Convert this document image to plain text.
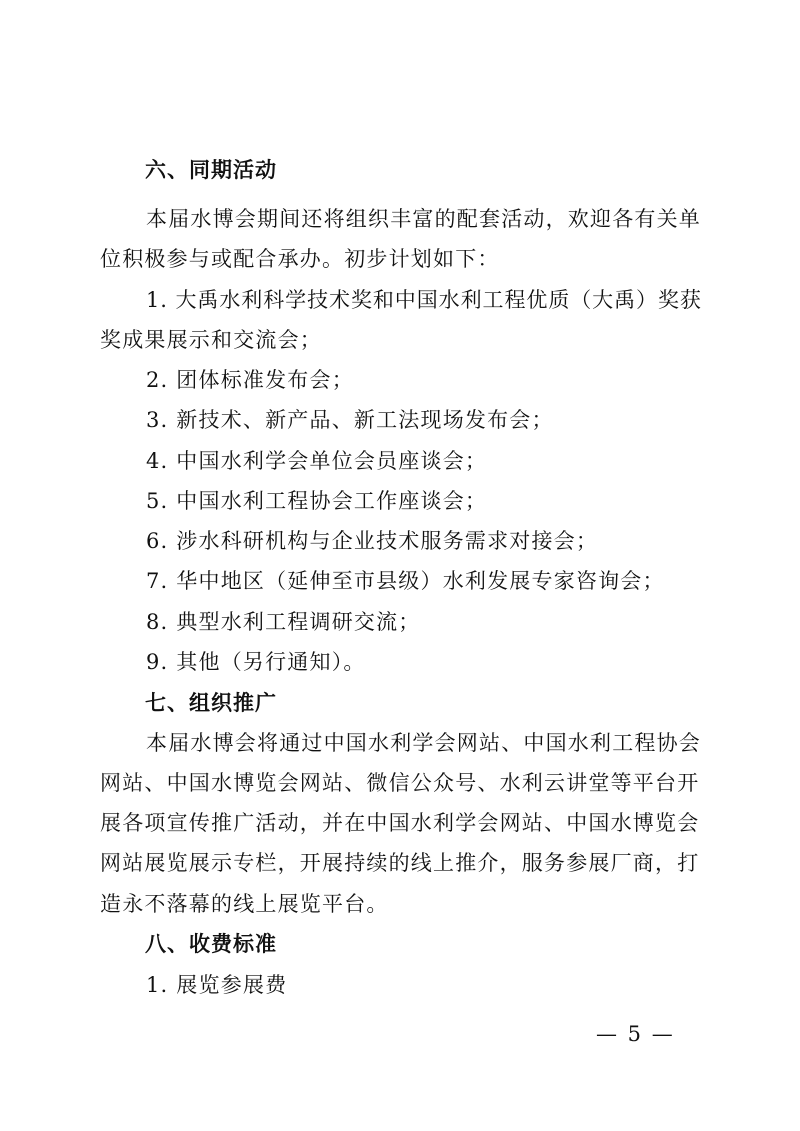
六、同期活动
本届水博会期间还将组织丰富的配套活动，欢迎各有关单
位积极参与或配合承办。初步计划如下：
1. 大禹水利科学技术奖和中国水利工程优质（大禹）奖获
奖成果展示和交流会；
2. 团体标准发布会；
3. 新技术、新产品、新工法现场发布会；
4. 中国水利学会单位会员座谈会；
5. 中国水利工程协会工作座谈会；
6. 涉水科研机构与企业技术服务需求对接会；
7. 华中地区（延伸至市县级）水利发展专家咨询会；
8. 典型水利工程调研交流；
9. 其他（另行通知）。
七、组织推广
本届水博会将通过中国水利学会网站、中国水利工程协会
网站、中国水博览会网站、微信公众号、水利云讲堂等平台开
展各项宣传推广活动，并在中国水利学会网站、中国水博览会
网站展览展示专栏，开展持续的线上推介，服务参展厂商，打
造永不落幕的线上展览平台。
八、收费标准
1. 展览参展费
— 5 —
